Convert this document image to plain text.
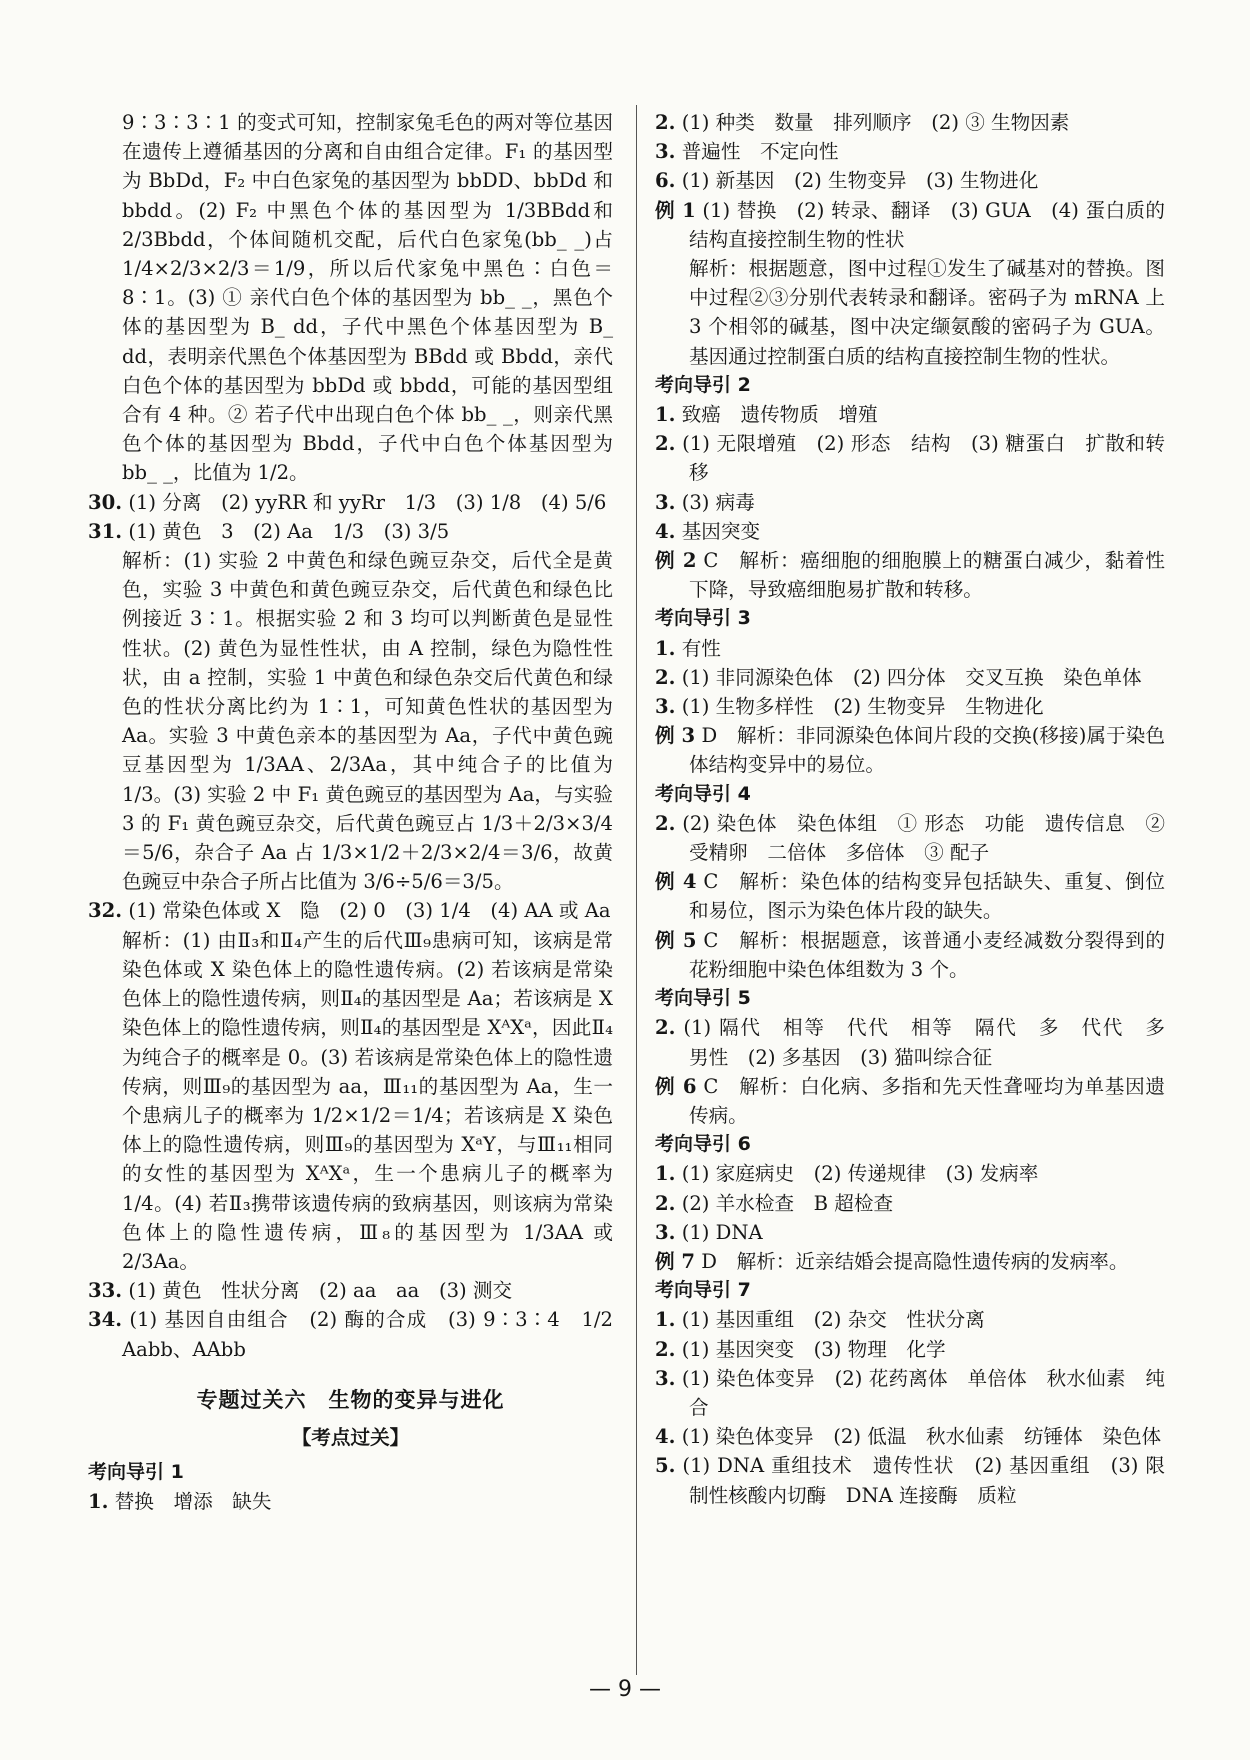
9∶3∶3∶1 的变式可知，控制家兔毛色的两对等位基因在遗传上遵循基因的分离和自由组合定律。F₁ 的基因型为 BbDd，F₂ 中白色家兔的基因型为 bbDD、bbDd 和 bbdd。(2) F₂ 中黑色个体的基因型为 1/3BBdd和2/3Bbdd，个体间随机交配，后代白色家兔(bb_ _)占 1/4×2/3×2/3＝1/9，所以后代家兔中黑色∶白色＝8∶1。(3) ① 亲代白色个体的基因型为 bb_ _，黑色个体的基因型为 B_ dd，子代中黑色个体基因型为 B_ dd，表明亲代黑色个体基因型为 BBdd 或 Bbdd，亲代白色个体的基因型为 bbDd 或 bbdd，可能的基因型组合有 4 种。② 若子代中出现白色个体 bb_ _，则亲代黑色个体的基因型为 Bbdd，子代中白色个体基因型为 bb_ _，比值为 1/2。
30. (1) 分离　(2) yyRR 和 yyRr　1/3　(3) 1/8　(4) 5/6
31. (1) 黄色　3　(2) Aa　1/3　(3) 3/5
解析：(1) 实验 2 中黄色和绿色豌豆杂交，后代全是黄色，实验 3 中黄色和黄色豌豆杂交，后代黄色和绿色比例接近 3∶1。根据实验 2 和 3 均可以判断黄色是显性性状。(2) 黄色为显性性状，由 A 控制，绿色为隐性性状，由 a 控制，实验 1 中黄色和绿色杂交后代黄色和绿色的性状分离比约为 1∶1，可知黄色性状的基因型为 Aa。实验 3 中黄色亲本的基因型为 Aa，子代中黄色豌豆基因型为 1/3AA、2/3Aa，其中纯合子的比值为 1/3。(3) 实验 2 中 F₁ 黄色豌豆的基因型为 Aa，与实验 3 的 F₁ 黄色豌豆杂交，后代黄色豌豆占 1/3＋2/3×3/4＝5/6，杂合子 Aa 占 1/3×1/2＋2/3×2/4＝3/6，故黄色豌豆中杂合子所占比值为 3/6÷5/6＝3/5。
32. (1) 常染色体或 X　隐　(2) 0　(3) 1/4　(4) AA 或 Aa
解析：(1) 由Ⅱ₃和Ⅱ₄产生的后代Ⅲ₉患病可知，该病是常染色体或 X 染色体上的隐性遗传病。(2) 若该病是常染色体上的隐性遗传病，则Ⅱ₄的基因型是 Aa；若该病是 X 染色体上的隐性遗传病，则Ⅱ₄的基因型是 XᴬXᵃ，因此Ⅱ₄为纯合子的概率是 0。(3) 若该病是常染色体上的隐性遗传病，则Ⅲ₉的基因型为 aa，Ⅲ₁₁的基因型为 Aa，生一个患病儿子的概率为 1/2×1/2＝1/4；若该病是 X 染色体上的隐性遗传病，则Ⅲ₉的基因型为 XᵃY，与Ⅲ₁₁相同的女性的基因型为 XᴬXᵃ，生一个患病儿子的概率为 1/4。(4) 若Ⅱ₃携带该遗传病的致病基因，则该病为常染色体上的隐性遗传病，Ⅲ₈的基因型为 1/3AA 或 2/3Aa。
33. (1) 黄色　性状分离　(2) aa　aa　(3) 测交
34. (1) 基因自由组合　(2) 酶的合成　(3) 9∶3∶4　1/2　Aabb、AAbb
专题过关六　生物的变异与进化
【考点过关】
考向导引 1
1. 替换　增添　缺失
2. (1) 种类　数量　排列顺序　(2) ③ 生物因素
3. 普遍性　不定向性
6. (1) 新基因　(2) 生物变异　(3) 生物进化
例 1 (1) 替换　(2) 转录、翻译　(3) GUA　(4) 蛋白质的结构直接控制生物的性状
解析：根据题意，图中过程①发生了碱基对的替换。图中过程②③分别代表转录和翻译。密码子为 mRNA 上 3 个相邻的碱基，图中决定缬氨酸的密码子为 GUA。基因通过控制蛋白质的结构直接控制生物的性状。
考向导引 2
1. 致癌　遗传物质　增殖
2. (1) 无限增殖　(2) 形态　结构　(3) 糖蛋白　扩散和转移
3. (3) 病毒
4. 基因突变
例 2 C　解析：癌细胞的细胞膜上的糖蛋白减少，黏着性下降，导致癌细胞易扩散和转移。
考向导引 3
1. 有性
2. (1) 非同源染色体　(2) 四分体　交叉互换　染色单体
3. (1) 生物多样性　(2) 生物变异　生物进化
例 3 D　解析：非同源染色体间片段的交换(移接)属于染色体结构变异中的易位。
考向导引 4
2. (2) 染色体　染色体组　① 形态　功能　遗传信息　② 受精卵　二倍体　多倍体　③ 配子
例 4 C　解析：染色体的结构变异包括缺失、重复、倒位和易位，图示为染色体片段的缺失。
例 5 C　解析：根据题意，该普通小麦经减数分裂得到的花粉细胞中染色体组数为 3 个。
考向导引 5
2. (1) 隔代　相等　代代　相等　隔代　多　代代　多　男性　(2) 多基因　(3) 猫叫综合征
例 6 C　解析：白化病、多指和先天性聋哑均为单基因遗传病。
考向导引 6
1. (1) 家庭病史　(2) 传递规律　(3) 发病率
2. (2) 羊水检查　B 超检查
3. (1) DNA
例 7 D　解析：近亲结婚会提高隐性遗传病的发病率。
考向导引 7
1. (1) 基因重组　(2) 杂交　性状分离
2. (1) 基因突变　(3) 物理　化学
3. (1) 染色体变异　(2) 花药离体　单倍体　秋水仙素　纯合
4. (1) 染色体变异　(2) 低温　秋水仙素　纺锤体　染色体
5. (1) DNA 重组技术　遗传性状　(2) 基因重组　(3) 限制性核酸内切酶　DNA 连接酶　质粒
— 9 —
